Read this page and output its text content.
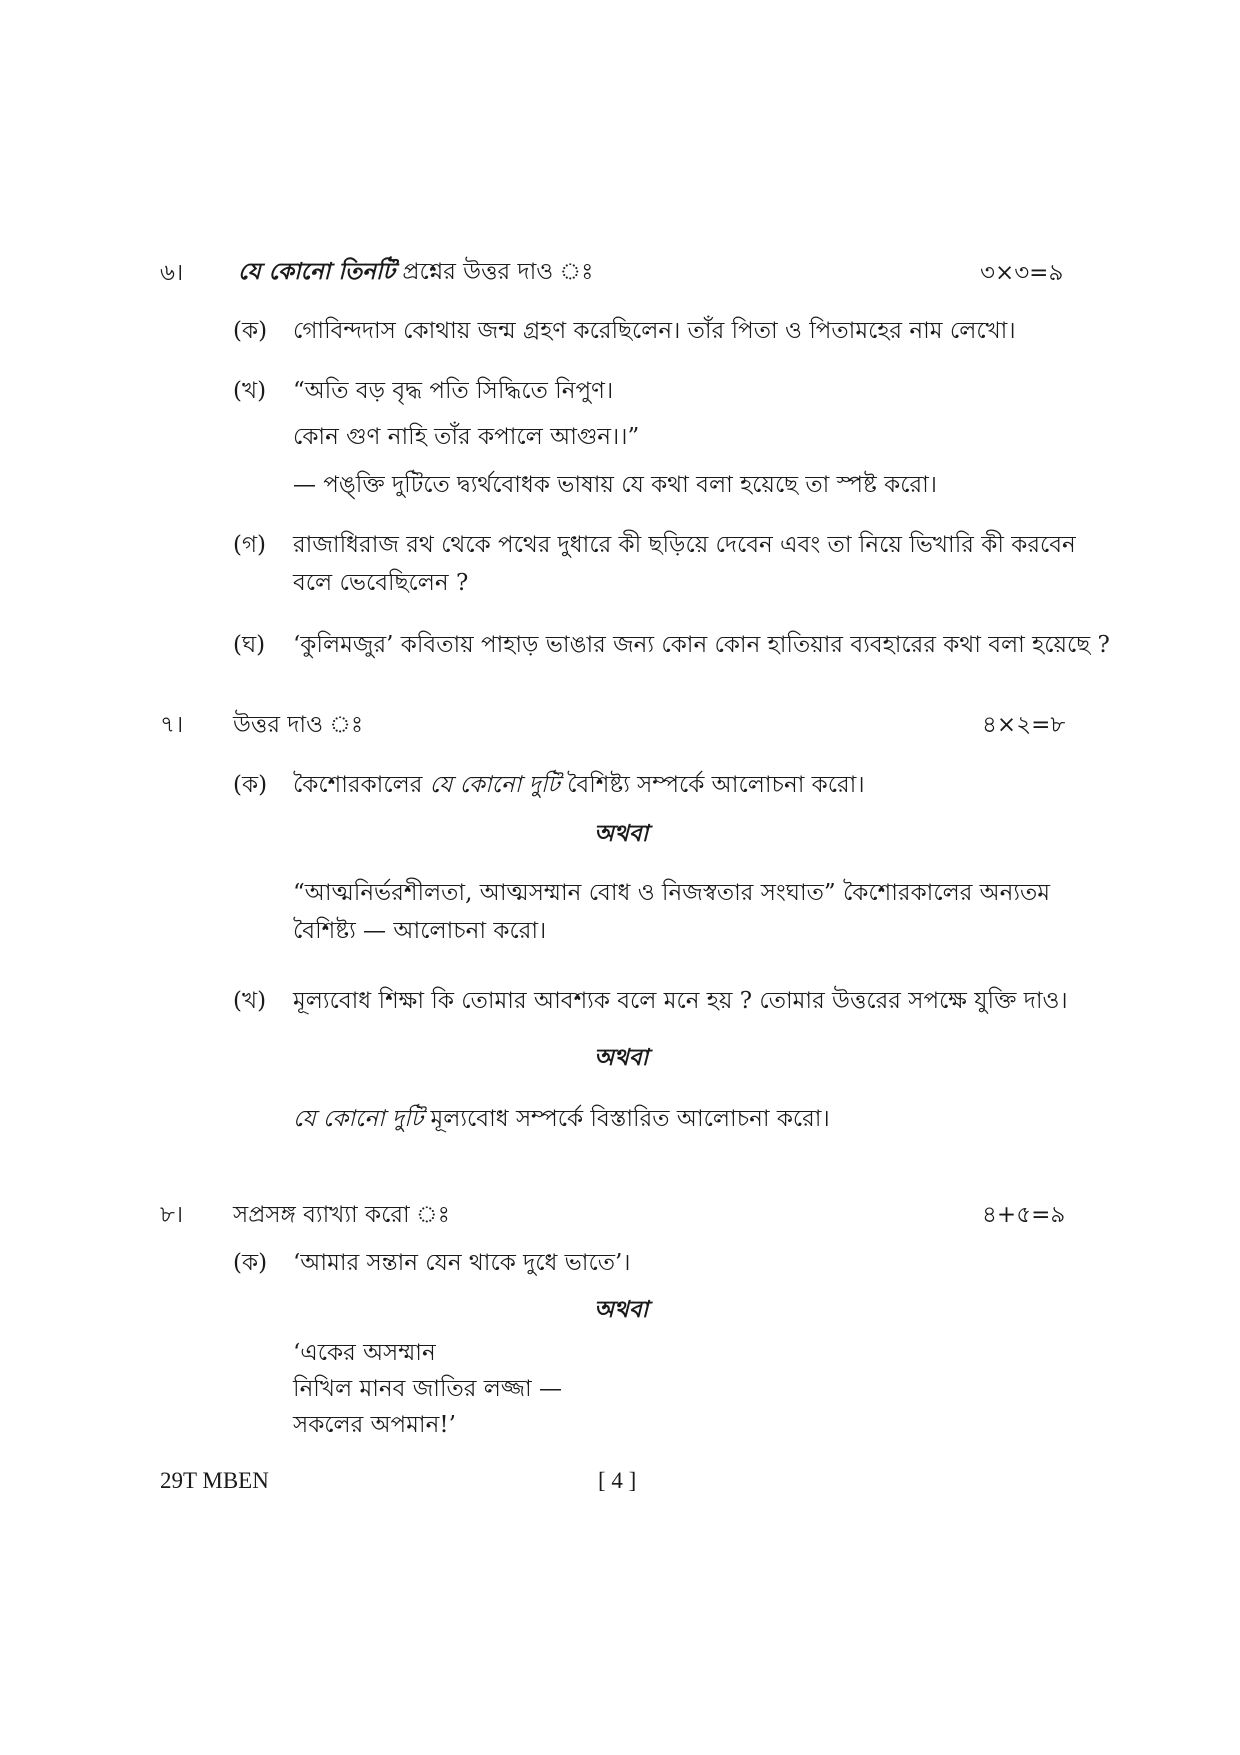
৬। যে কোনো তিনটি প্রশ্নের উত্তর দাও ঃ	৩×৩=৯
(ক) গোবিন্দদাস কোথায় জন্ম গ্রহণ করেছিলেন। তাঁর পিতা ও পিতামহের নাম লেখো।
(খ) “অতি বড় বৃদ্ধ পতি সিদ্ধিতে নিপুণ।
কোন গুণ নাহি তাঁর কপালে আগুন।।”
— পঙ্‌ক্তি দুটিতে দ্ব্যর্থবোধক ভাষায় যে কথা বলা হয়েছে তা স্পষ্ট করো।
(গ) রাজাধিরাজ রথ থেকে পথের দুধারে কী ছড়িয়ে দেবেন এবং তা নিয়ে ভিখারি কী করবেন
বলে ভেবেছিলেন ?
(ঘ) ‘কুলিমজুর’ কবিতায় পাহাড় ভাঙার জন্য কোন কোন হাতিয়ার ব্যবহারের কথা বলা হয়েছে ?
৭। উত্তর দাও ঃ	৪×২=৮
(ক) কৈশোরকালের যে কোনো দুটি বৈশিষ্ট্য সম্পর্কে আলোচনা করো।
অথবা
“আত্মনির্ভরশীলতা, আত্মসম্মান বোধ ও নিজস্বতার সংঘাত” কৈশোরকালের অন্যতম
বৈশিষ্ট্য — আলোচনা করো।
(খ) মূল্যবোধ শিক্ষা কি তোমার আবশ্যক বলে মনে হয় ? তোমার উত্তরের সপক্ষে যুক্তি দাও।
অথবা
যে কোনো দুটি মূল্যবোধ সম্পর্কে বিস্তারিত আলোচনা করো।
৮। সপ্রসঙ্গ ব্যাখ্যা করো ঃ	৪+৫=৯
(ক) ‘আমার সন্তান যেন থাকে দুধে ভাতে’।
অথবা
‘একের অসম্মান
নিখিল মানব জাতির লজ্জা —
সকলের অপমান!’
29T MBEN	[ 4 ]
